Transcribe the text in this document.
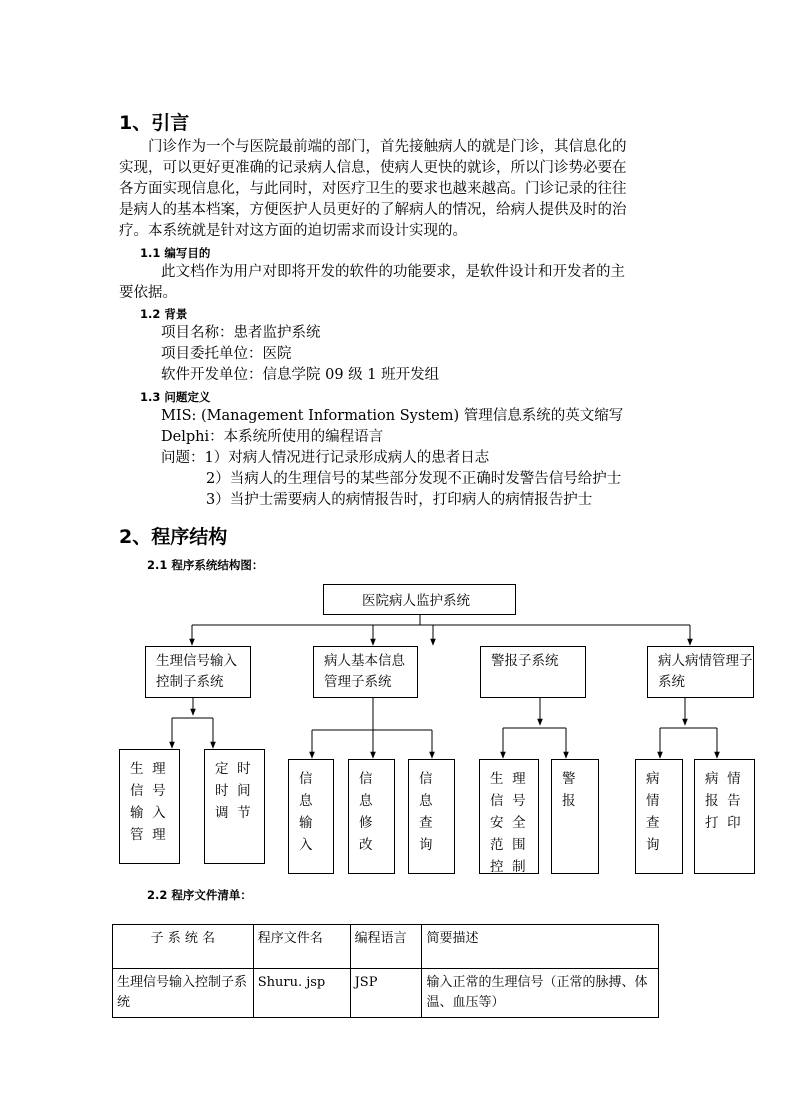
1、引言
门诊作为一个与医院最前端的部门，首先接触病人的就是门诊，其信息化的
实现，可以更好更准确的记录病人信息，使病人更快的就诊，所以门诊势必要在
各方面实现信息化，与此同时，对医疗卫生的要求也越来越高。门诊记录的往往
是病人的基本档案，方便医护人员更好的了解病人的情况，给病人提供及时的治
疗。本系统就是针对这方面的迫切需求而设计实现的。
1.1 编写目的
此文档作为用户对即将开发的软件的功能要求，是软件设计和开发者的主
要依据。
1.2 背景
项目名称：患者监护系统
项目委托单位：医院
软件开发单位：信息学院 09 级 1 班开发组
1.3 问题定义
MIS: (Management Information System) 管理信息系统的英文缩写
Delphi：本系统所使用的编程语言
问题：1）对病人情况进行记录形成病人的患者日志
2）当病人的生理信号的某些部分发现不正确时发警告信号给护士
3）当护士需要病人的病情报告时，打印病人的病情报告护士
2、程序结构
2.1 程序系统结构图：
医院病人监护系统
生理信号输入控制子系统
病人基本信息管理子系统
警报子系统	病人病情管理子系统
生  理
信  号
输  入
管  理
定  时
时  间
调  节
信
息
输
入
信
息
修
改
信
息
查
询
生  理
信  号
安  全
范  围
控  制
警
报
病
情
查
询
病  情
报  告
打  印
2.2 程序文件清单：
子 系 统 名	程序文件名	编程语言	简要描述
生理信号输入控制子系统	Shuru. jsp	JSP	输入正常的生理信号（正常的脉搏、体温、血压等）
